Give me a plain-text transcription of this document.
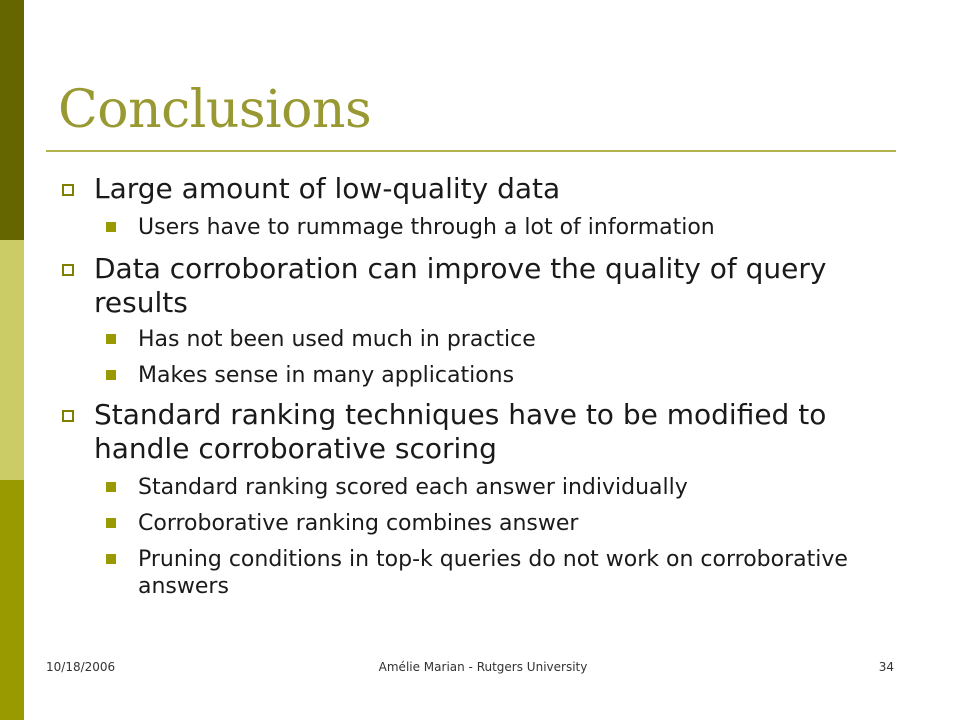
Conclusions
Large amount of low-quality data
Users have to rummage through a lot of information
Data corroboration can improve the quality of query results
Has not been used much in practice
Makes sense in many applications
Standard ranking techniques have to be modified to handle corroborative scoring
Standard ranking scored each answer individually
Corroborative ranking combines answer
Pruning conditions in top-k queries do not work on corroborative answers
10/18/2006	Amélie Marian - Rutgers University	34
